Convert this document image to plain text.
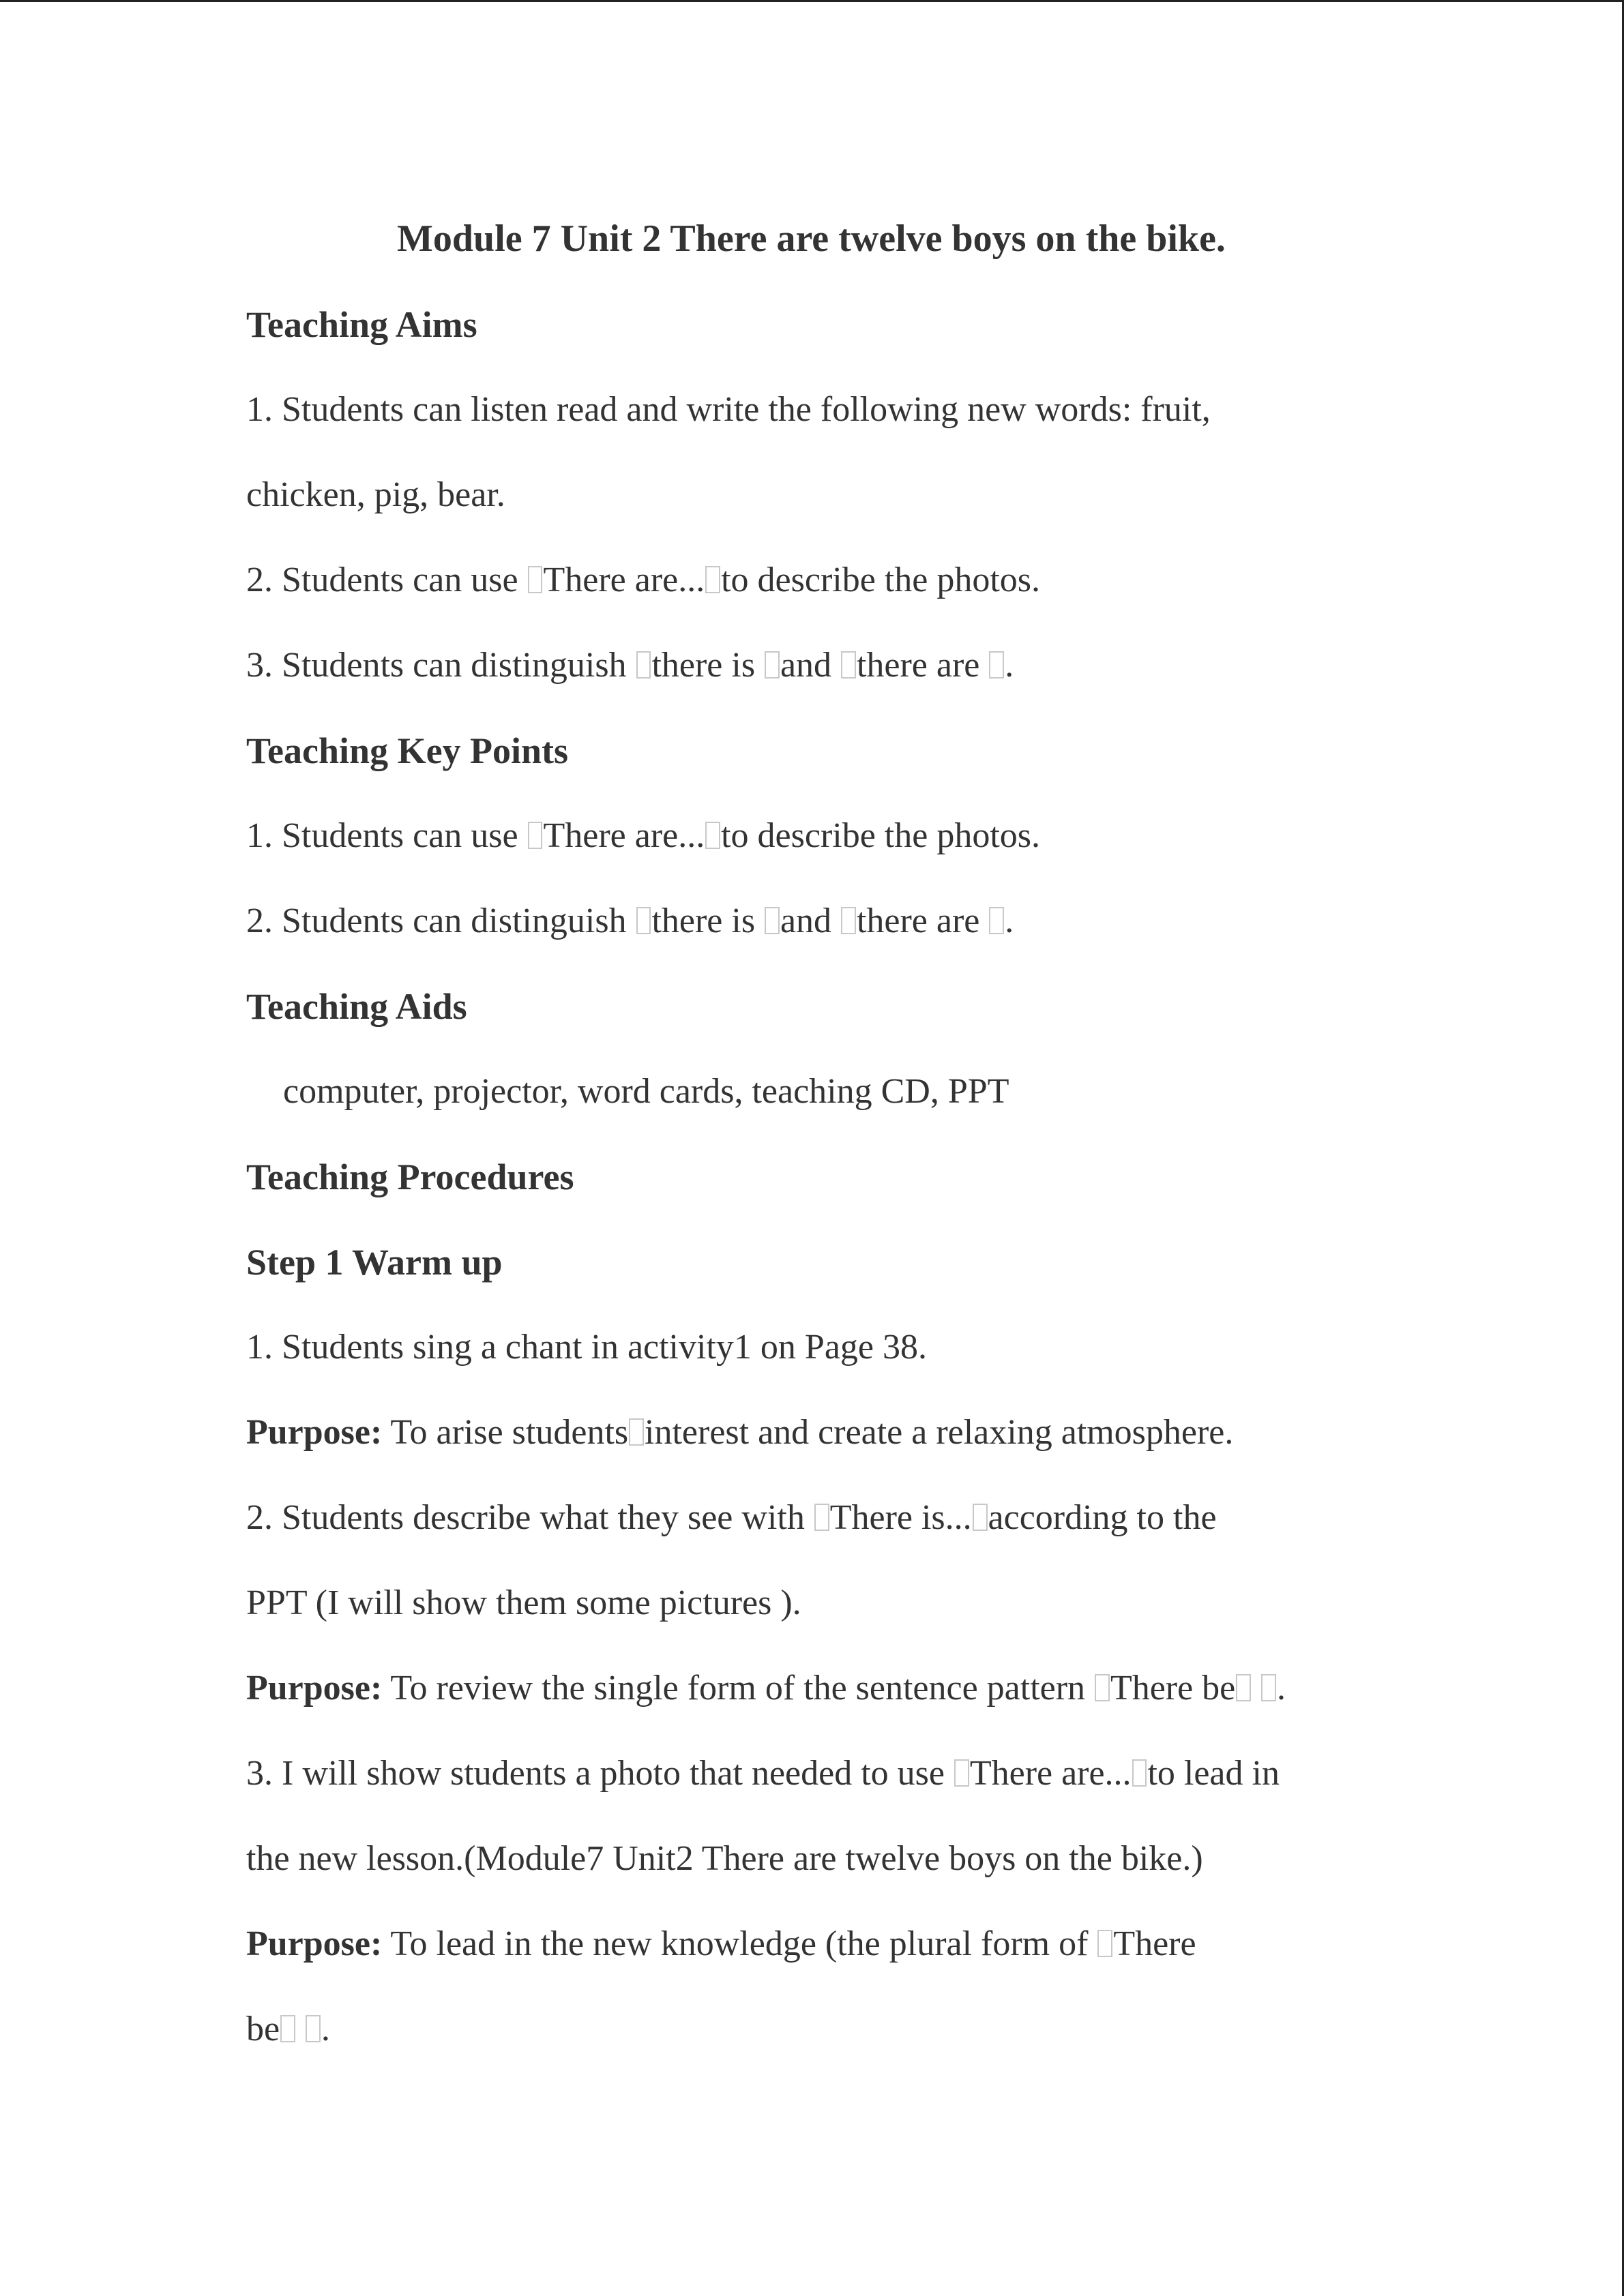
Module 7 Unit 2 There are twelve boys on the bike.
Teaching Aims
1. Students can listen read and write the following new words: fruit,
chicken, pig, bear.
2. Students can use There are... to describe the photos.
3. Students can distinguish there is and there are .
Teaching Key Points
1. Students can use There are... to describe the photos.
2. Students can distinguish there is and there are .
Teaching Aids
computer, projector, word cards, teaching CD, PPT
Teaching Procedures
Step 1 Warm up
1. Students sing a chant in activity1 on Page 38.
Purpose: To arise students interest and create a relaxing atmosphere.
2. Students describe what they see with There is... according to the
PPT (I will show them some pictures ).
Purpose: To review the single form of the sentence pattern There be .
3. I will show students a photo that needed to use There are... to lead in
the new lesson.(Module7 Unit2 There are twelve boys on the bike.)
Purpose: To lead in the new knowledge (the plural form of There
be .
